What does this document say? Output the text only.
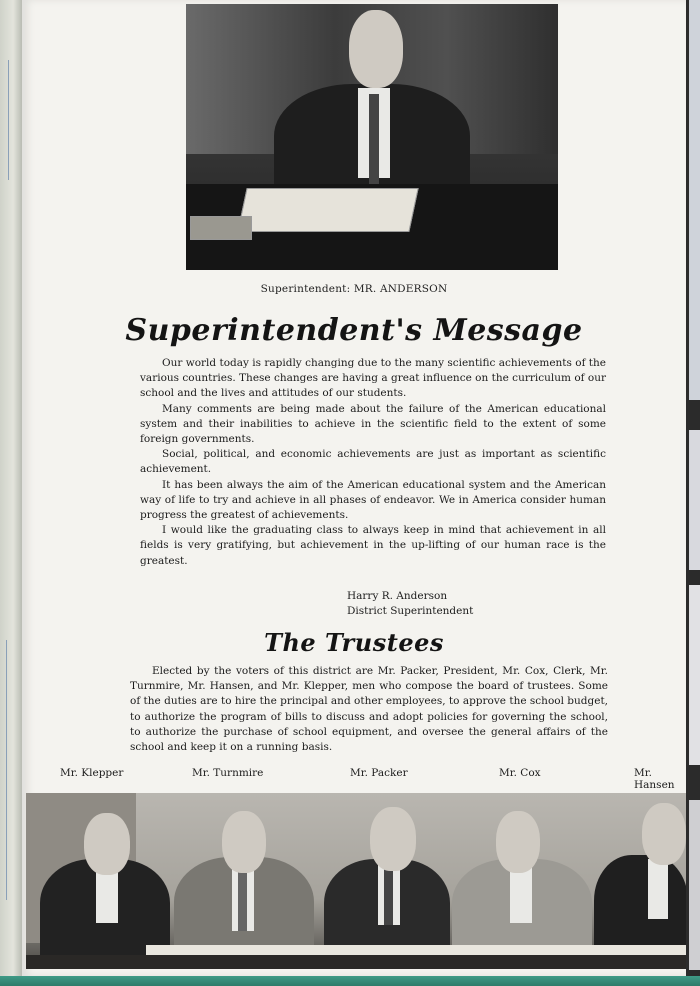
Superintendent: MR. ANDERSON
Superintendent's Message

Our world today is rapidly changing due to the many scientific achievements of the various countries. These changes are having a great influence on the curriculum of our school and the lives and attitudes of our students.

Many comments are being made about the failure of the American educational system and their inabilities to achieve in the scientific field to the extent of some foreign governments.

Social, political, and economic achievements are just as important as scientific achievement.

It has been always the aim of the American educational system and the American way of life to try and achieve in all phases of endeavor. We in America consider human progress the greatest of achievements.

I would like the graduating class to always keep in mind that achievement in all fields is very gratifying, but achievement in the up-lifting of our human race is the greatest.

Harry R. Anderson
District Superintendent
The Trustees

Elected by the voters of this district are Mr. Packer, President, Mr. Cox, Clerk, Mr. Turnmire, Mr. Hansen, and Mr. Klepper, men who compose the board of trustees. Some of the duties are to hire the principal and other employees, to approve the school budget, to authorize the program of bills to discuss and adopt policies for governing the school, to authorize the purchase of school equipment, and oversee the general affairs of the school and keep it on a running basis.

Mr. Klepper	Mr. Turnmire	Mr. Packer	Mr. Cox	Mr. Hansen
